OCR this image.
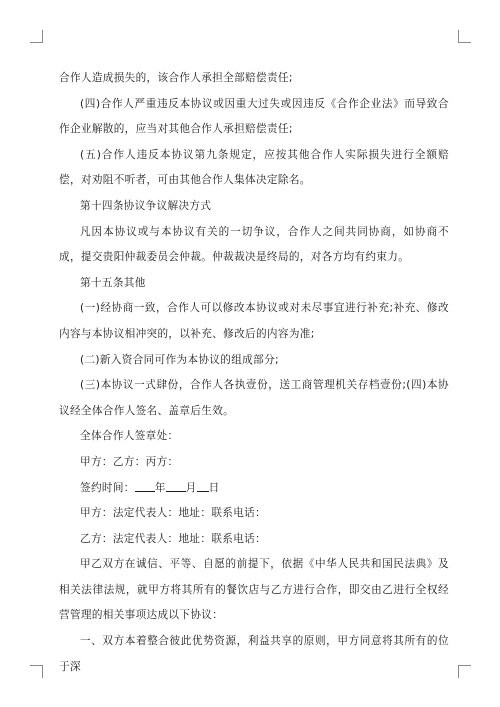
合作人造成损失的，该合作人承担全部赔偿责任;

(四)合作人严重违反本协议或因重大过失或因违反《合作企业法》而导致合作企业解散的，应当对其他合作人承担赔偿责任;

(五)合作人违反本协议第九条规定，应按其他合作人实际损失进行全额赔偿，对劝阻不听者，可由其他合作人集体决定除名。

第十四条协议争议解决方式

凡因本协议或与本协议有关的一切争议，合作人之间共同协商，如协商不成，提交贵阳仲裁委员会仲裁。仲裁裁决是终局的，对各方均有约束力。

第十五条其他

(一)经协商一致，合作人可以修改本协议或对未尽事宜进行补充;补充、修改内容与本协议相冲突的，以补充、修改后的内容为准;

(二)新入资合同可作为本协议的组成部分;

(三)本协议一式肆份，合作人各执壹份，送工商管理机关存档壹份;(四)本协议经全体合作人签名、盖章后生效。

全体合作人签章处：

甲方：乙方：丙方：

签约时间： 年 月 日

甲方：法定代表人：地址：联系电话：

乙方：法定代表人：地址：联系电话：

甲乙双方在诚信、平等、自愿的前提下，依据《中华人民共和国民法典》及相关法律法规，就甲方将其所有的餐饮店与乙方进行合作，即交由乙进行全权经营管理的相关事项达成以下协议：

一、双方本着整合彼此优势资源，利益共享的原则，甲方同意将其所有的位于深
